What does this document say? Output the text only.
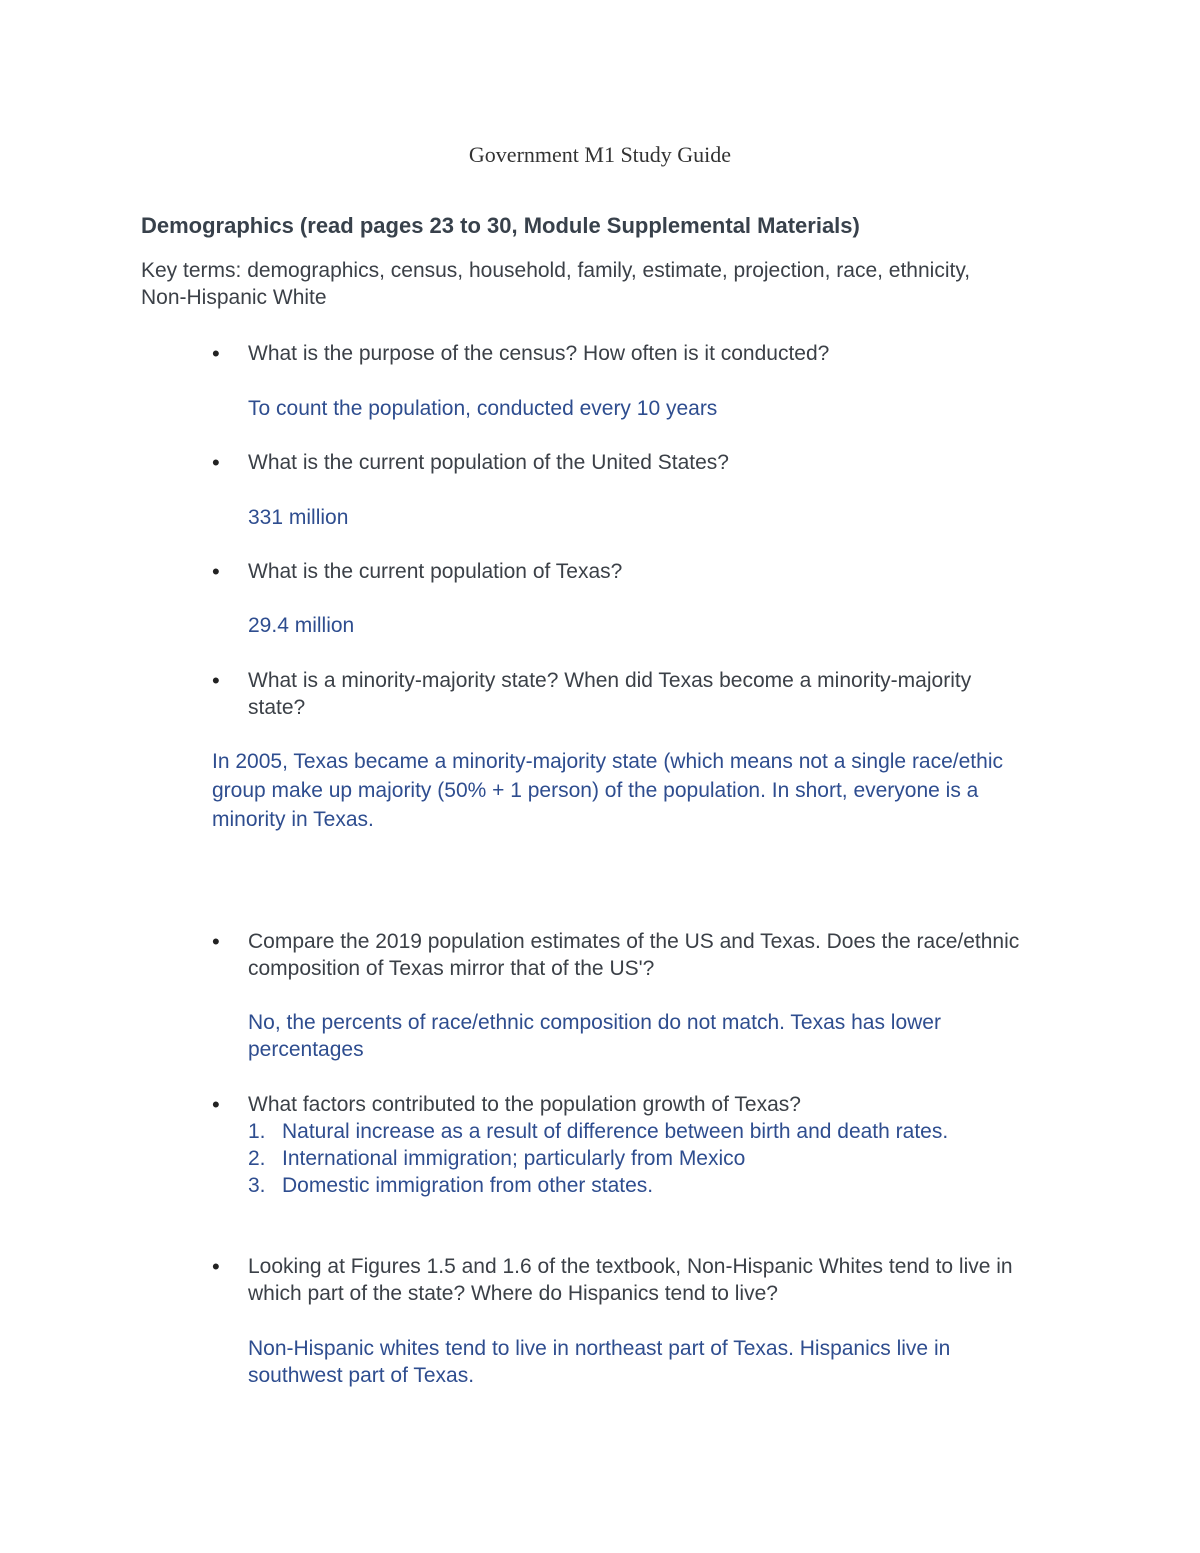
Government M1 Study Guide
Demographics (read pages 23 to 30, Module Supplemental Materials)

Key terms: demographics, census, household, family, estimate, projection, race, ethnicity, Non-Hispanic White

• What is the purpose of the census? How often is it conducted?

To count the population, conducted every 10 years

• What is the current population of the United States?

331 million

• What is the current population of Texas?

29.4 million

• What is a minority-majority state? When did Texas become a minority-majority state?

In 2005, Texas became a minority-majority state (which means not a single race/ethic group make up majority (50% + 1 person) of the population. In short, everyone is a minority in Texas.

• Compare the 2019 population estimates of the US and Texas. Does the race/ethnic composition of Texas mirror that of the US'?

No, the percents of race/ethnic composition do not match. Texas has lower percentages

• What factors contributed to the population growth of Texas?

1. Natural increase as a result of difference between birth and death rates.
2. International immigration; particularly from Mexico
3. Domestic immigration from other states.
• Looking at Figures 1.5 and 1.6 of the textbook, Non-Hispanic Whites tend to live in which part of the state? Where do Hispanics tend to live?

Non-Hispanic whites tend to live in northeast part of Texas. Hispanics live in southwest part of Texas.
